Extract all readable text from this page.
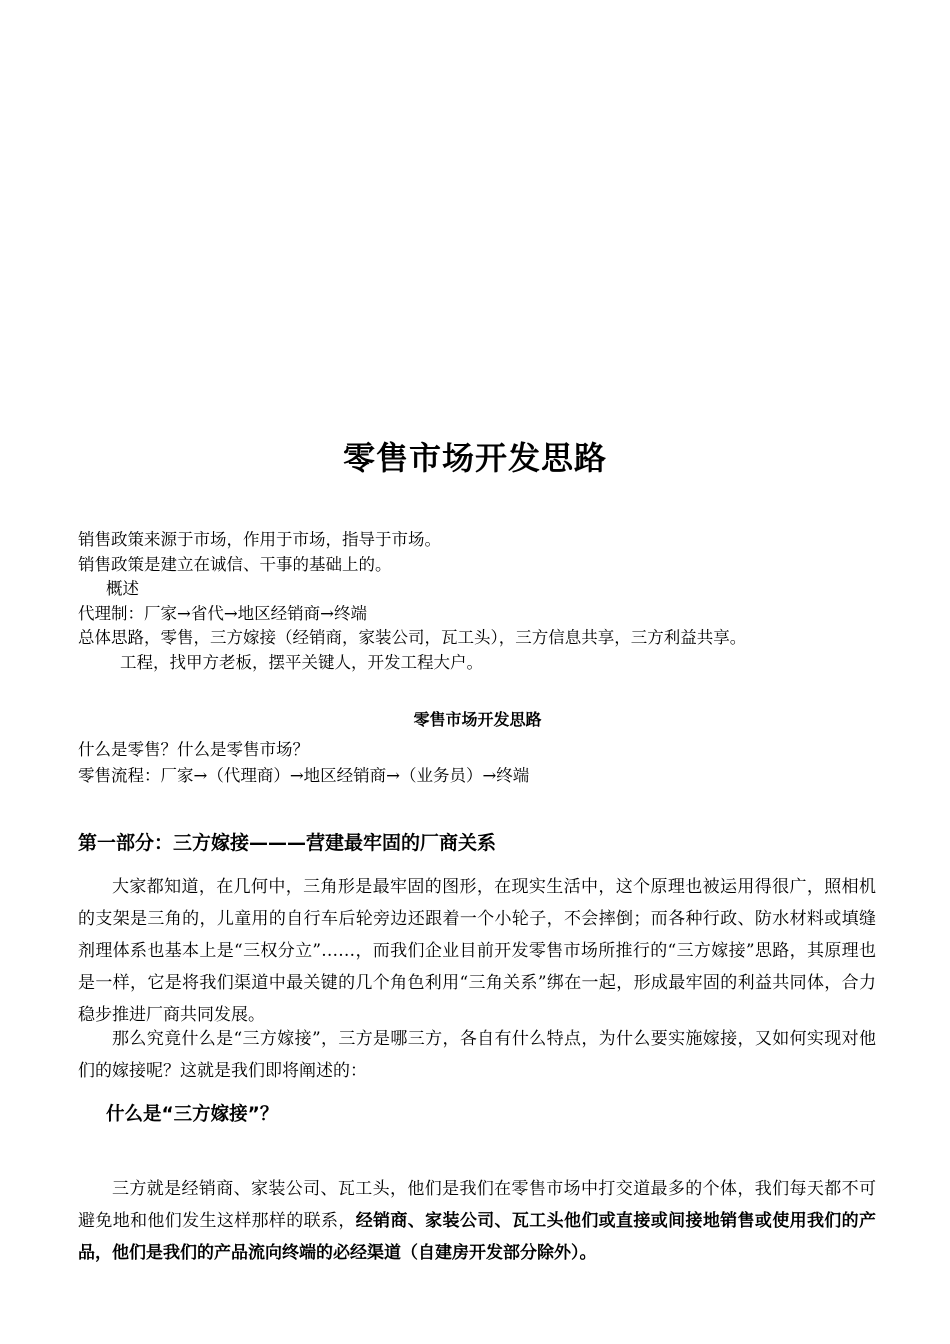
零售市场开发思路
销售政策来源于市场，作用于市场，指导于市场。
销售政策是建立在诚信、干事的基础上的。
概述
代理制：厂家→省代→地区经销商→终端
总体思路，零售，三方嫁接（经销商，家装公司，瓦工头），三方信息共享，三方利益共享。
工程，找甲方老板，摆平关键人，开发工程大户。
零售市场开发思路
什么是零售？什么是零售市场？
零售流程：厂家→（代理商）→地区经销商→（业务员）→终端
第一部分：三方嫁接———营建最牢固的厂商关系
大家都知道，在几何中，三角形是最牢固的图形，在现实生活中，这个原理也被运用得很广，照相机的支架是三角的，儿童用的自行车后轮旁边还跟着一个小轮子，不会摔倒；而各种行政、防水材料或填缝剂理体系也基本上是“三权分立”……，而我们企业目前开发零售市场所推行的“三方嫁接”思路，其原理也是一样，它是将我们渠道中最关键的几个角色利用“三角关系”绑在一起，形成最牢固的利益共同体，合力稳步推进厂商共同发展。
那么究竟什么是“三方嫁接”，三方是哪三方，各自有什么特点，为什么要实施嫁接，又如何实现对他们的嫁接呢？这就是我们即将阐述的：
什么是“三方嫁接”？
三方就是经销商、家装公司、瓦工头，他们是我们在零售市场中打交道最多的个体，我们每天都不可避免地和他们发生这样那样的联系，经销商、家装公司、瓦工头他们或直接或间接地销售或使用我们的产品，他们是我们的产品流向终端的必经渠道（自建房开发部分除外）。
